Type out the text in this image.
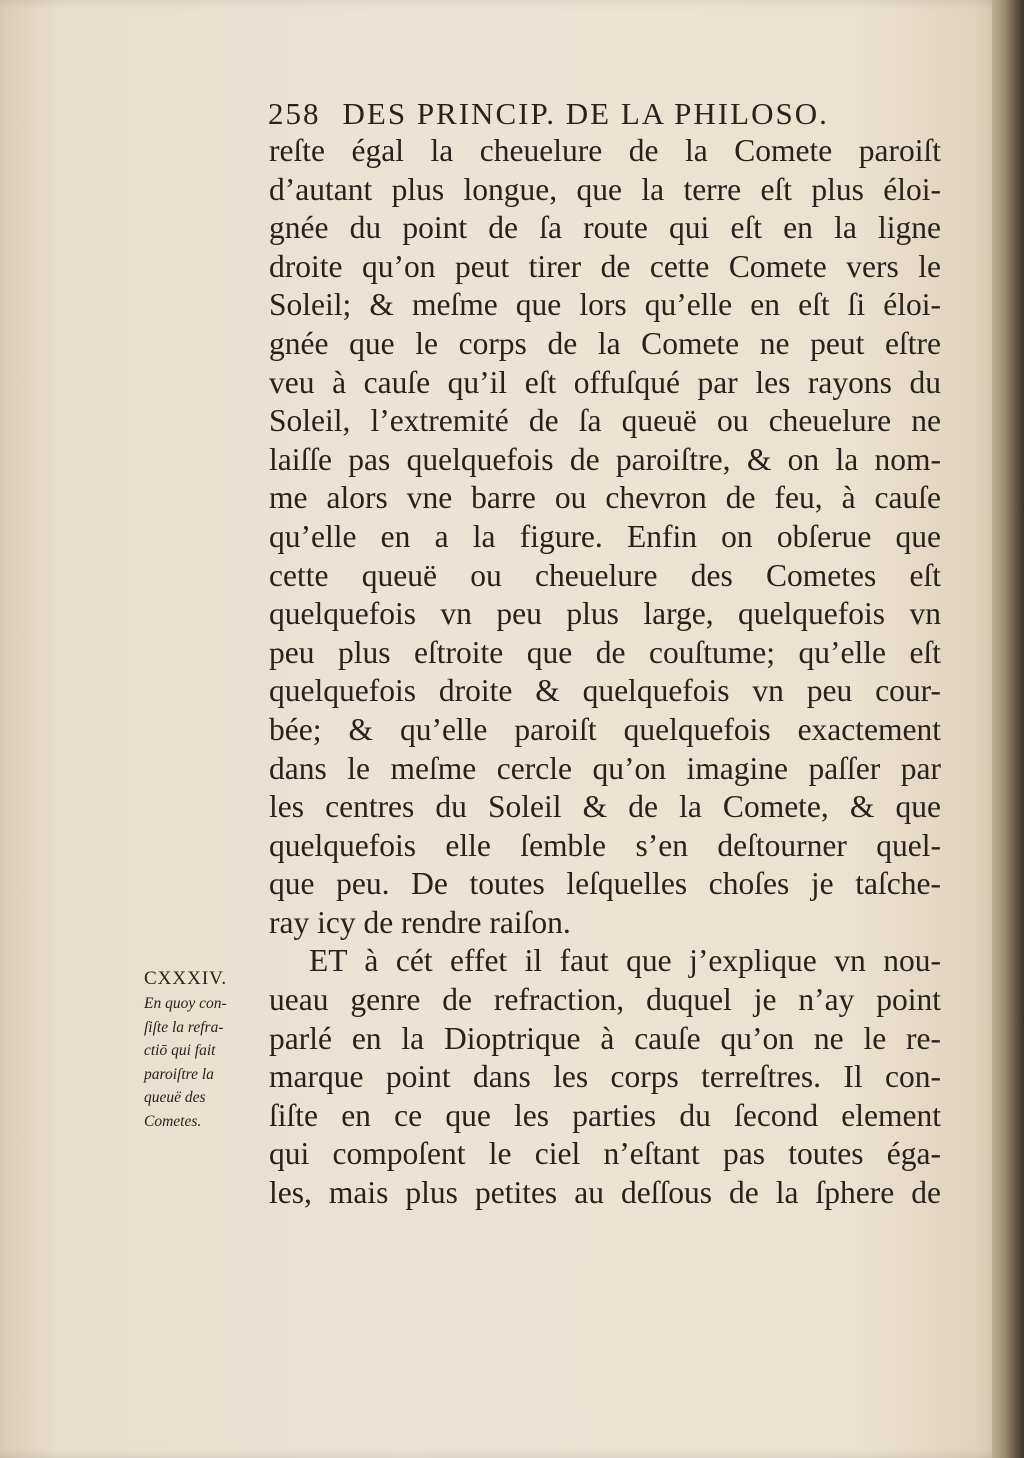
258 DES PRINCIP. DE LA PHILOSO.
reſte égal la cheuelure de la Comete paroiſt
d’autant plus longue, que la terre eſt plus éloi-
gnée du point de ſa route qui eſt en la ligne
droite qu’on peut tirer de cette Comete vers le
Soleil; & meſme que lors qu’elle en eſt ſi éloi-
gnée que le corps de la Comete ne peut eſtre
veu à cauſe qu’il eſt offuſqué par les rayons du
Soleil, l’extremité de ſa queuë ou cheuelure ne
laiſſe pas quelquefois de paroiſtre, & on la nom-
me alors vne barre ou chevron de feu, à cauſe
qu’elle en a la figure. Enfin on obſerue que
cette queuë ou cheuelure des Cometes eſt
quelquefois vn peu plus large, quelquefois vn
peu plus eſtroite que de couſtume; qu’elle eſt
quelquefois droite & quelquefois vn peu cour-
bée; & qu’elle paroiſt quelquefois exactement
dans le meſme cercle qu’on imagine paſſer par
les centres du Soleil & de la Comete, & que
quelquefois elle ſemble s’en deſtourner quel-
que peu. De toutes leſquelles choſes je taſche-
ray icy de rendre raiſon.
ET à cét effet il faut que j’explique vn nou-
ueau genre de refraction, duquel je n’ay point
parlé en la Dioptrique à cauſe qu’on ne le re-
marque point dans les corps terreſtres. Il con-
ſiſte en ce que les parties du ſecond element
qui compoſent le ciel n’eſtant pas toutes éga-
les, mais plus petites au deſſous de la ſphere de
CXXXIV.
En quoy con-
ſiſte la refra-
ctiō qui fait
paroiſtre la
queuë des
Cometes.
